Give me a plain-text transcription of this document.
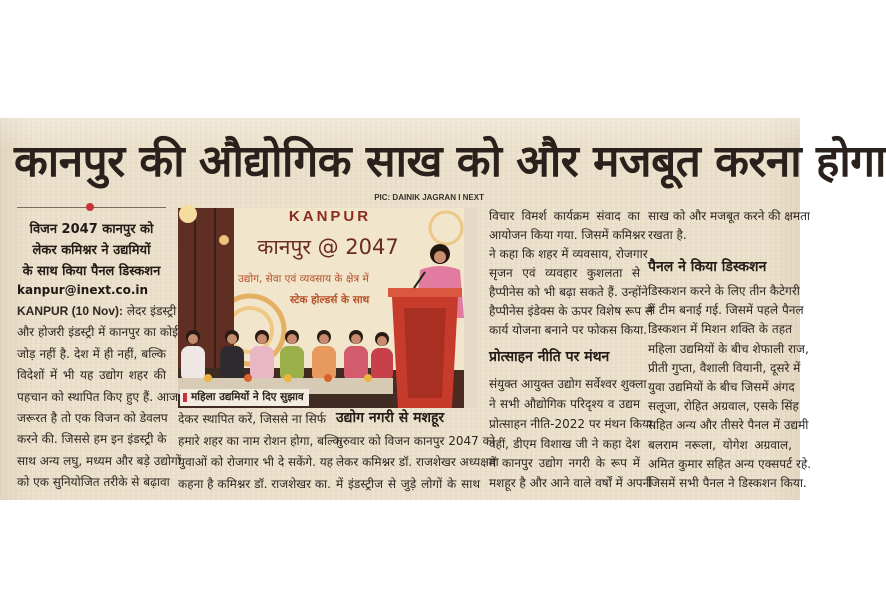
कानपुर की औद्योगिक साख को और मजबूत करना होगा
PIC: DAINIK JAGRAN I NEXT
विजन 2047 कानपुर को
लेकर कमिश्नर ने उद्यमियों
के साथ किया पैनल डिस्कशन
kanpur@inext.co.in
KANPUR (10 Nov): लेदर इंडस्ट्री
और होजरी इंडस्ट्री में कानपुर का कोई
जोड़ नहीं है. देश में ही नहीं, बल्कि
विदेशों में भी यह उद्योग शहर की
पहचान को स्थापित किए हुए हैं. आज
जरूरत है तो एक विजन को डेवलप
करने की. जिससे हम इन इंडस्ट्री के
साथ अन्य लघु, मध्यम और बड़े उद्योगों
को एक सुनियोजित तरीके से बढ़ावा
KANPUR
कानपुर @ 2047
उद्योग, सेवा एवं व्यवसाय के क्षेत्र में
स्टेक होल्डर्स के साथ
महिला उद्यमियों ने दिए सुझाव
देकर स्थापित करें, जिससे ना सिर्फ
हमारे शहर का नाम रोशन होगा, बल्कि
युवाओं को रोजगार भी दे सकेंगे. यह
कहना है कमिश्नर डॉ. राजशेखर का.
उद्योग नगरी से मशहूर
गुरुवार को विजन कानपुर 2047 को
लेकर कमिश्नर डॉ. राजशेखर अध्यक्षता
में इंडस्ट्रीज से जुड़े लोगों के साथ
विचार विमर्श कार्यक्रम संवाद का
आयोजन किया गया. जिसमें कमिश्नर
ने कहा कि शहर में व्यवसाय, रोजगार
सृजन एवं व्यवहार कुशलता से
हैप्पीनेस को भी बढ़ा सकते हैं. उन्होंने
हैप्पीनेस इंडेक्स के ऊपर विशेष रूप से
कार्य योजना बनाने पर फोकस किया.
प्रोत्साहन नीति पर मंथन
संयुक्त आयुक्त उद्योग सर्वेश्वर शुक्ला
ने सभी औद्योगिक परिदृश्य व उद्यम
प्रोत्साहन नीति-2022 पर मंथन किया.
वहीं, डीएम विशाख जी ने कहा देश
में कानपुर उद्योग नगरी के रूप में
मशहूर है और आने वाले वर्षों में अपनी
साख को और मजबूत करने की क्षमता
रखता है.
पैनल ने किया डिस्कशन
डिस्कशन करने के लिए तीन कैटेगरी
में टीम बनाई गई. जिसमें पहले पैनल
डिस्कशन में मिशन शक्ति के तहत
महिला उद्यमियों के बीच शेफाली राज,
प्रीती गुप्ता, वैशाली वियानी, दूसरे में
युवा उद्यमियों के बीच जिसमें अंगद
सलूजा, रोहित अग्रवाल, एसके सिंह
सहित अन्य और तीसरे पैनल में उद्यमी
बलराम नरूला, योगेश अग्रवाल,
अमित कुमार सहित अन्य एक्सपर्ट रहे.
जिसमें सभी पैनल ने डिस्कशन किया.
